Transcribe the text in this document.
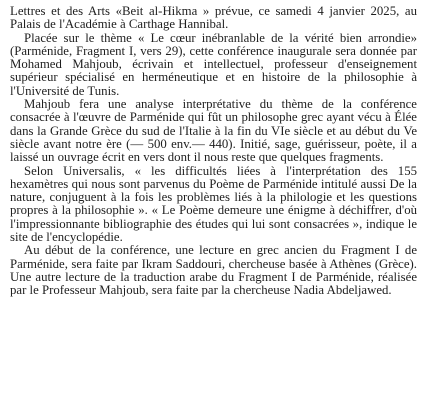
Lettres et des Arts «Beit al-Hikma » prévue, ce samedi 4 janvier 2025, au Palais de l'Académie à Carthage Hannibal.

Placée sur le thème « Le cœur inébranlable de la vérité bien arrondie» (Parménide, Fragment I, vers 29), cette conférence inaugurale sera donnée par Mohamed Mahjoub, écrivain et intellectuel, professeur d'enseignement supérieur spécialisé en herméneutique et en histoire de la philosophie à l'Université de Tunis.

Mahjoub fera une analyse interprétative du thème de la conférence consacrée à l'œuvre de Parménide qui fût un philosophe grec ayant vécu à Élée dans la Grande Grèce du sud de l'Italie à la fin du VIe siècle et au début du Ve siècle avant notre ère (— 500 env.— 440). Initié, sage, guérisseur, poète, il a laissé un ouvrage écrit en vers dont il nous reste que quelques fragments.

Selon Universalis, « les difficultés liées à l'interprétation des 155 hexamètres qui nous sont parvenus du Poème de Parménide intitulé aussi De la nature, conjuguent à la fois les problèmes liés à la philologie et les questions propres à la philosophie ». « Le Poème demeure une énigme à déchiffrer, d'où l'impressionnante bibliographie des études qui lui sont consacrées », indique le site de l'encyclopédie.

Au début de la conférence, une lecture en grec ancien du Fragment I de Parménide, sera faite par Ikram Saddouri, chercheuse basée à Athènes (Grèce). Une autre lecture de la traduction arabe du Fragment I de Parménide, réalisée par le Professeur Mahjoub, sera faite par la chercheuse Nadia Abdeljawed.
